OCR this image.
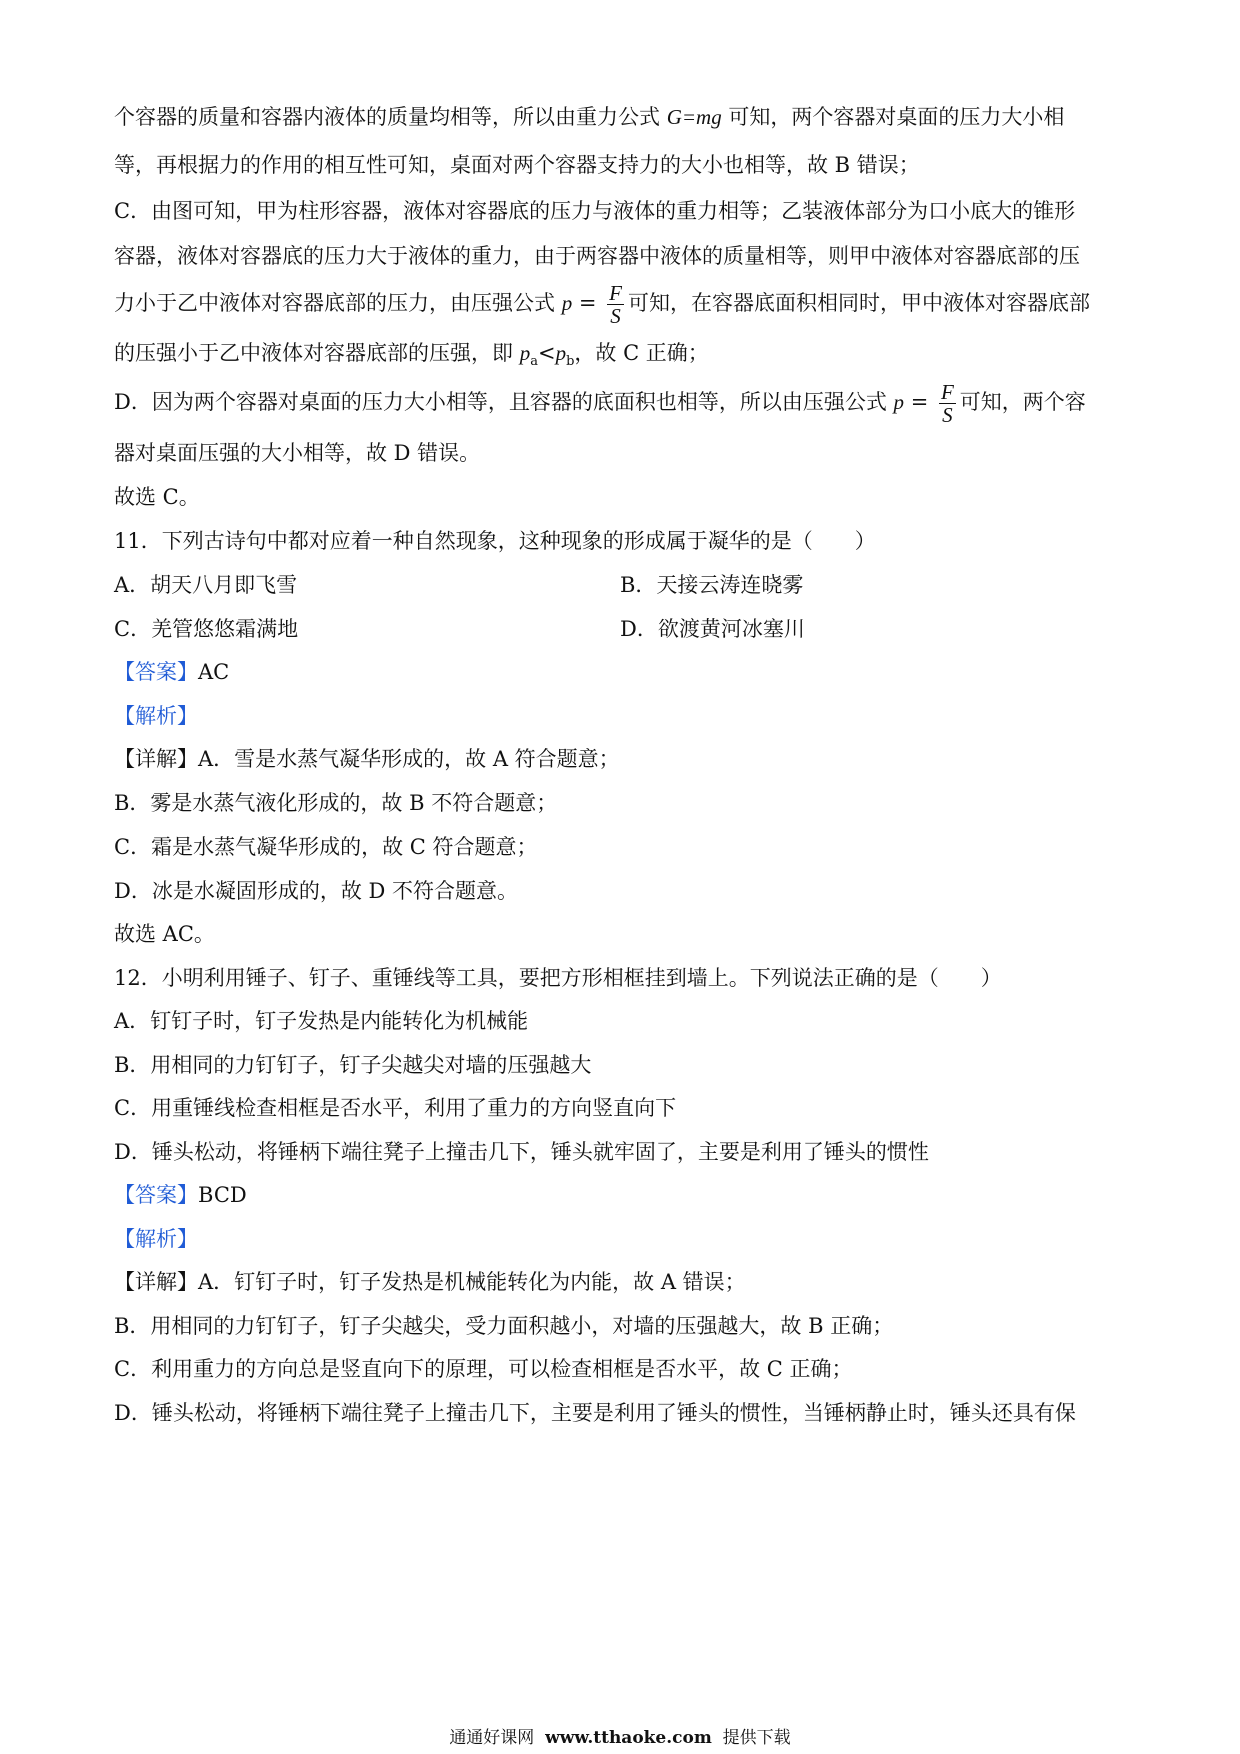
个容器的质量和容器内液体的质量均相等，所以由重力公式 G=mg 可知，两个容器对桌面的压力大小相
等，再根据力的作用的相互性可知，桌面对两个容器支持力的大小也相等，故 B 错误；
C．由图可知，甲为柱形容器，液体对容器底的压力与液体的重力相等；乙装液体部分为口小底大的锥形
容器，液体对容器底的压力大于液体的重力，由于两容器中液体的质量相等，则甲中液体对容器底部的压
力小于乙中液体对容器底部的压力，由压强公式 $p = \frac{F}{S}$ 可知，在容器底面积相同时，甲中液体对容器底部
的压强小于乙中液体对容器底部的压强，即 $p_a<p_b$，故 C 正确；
D．因为两个容器对桌面的压力大小相等，且容器的底面积也相等，所以由压强公式 $p = \frac{F}{S}$ 可知，两个容
器对桌面压强的大小相等，故 D 错误。
故选 C。
11．下列古诗句中都对应着一种自然现象，这种现象的形成属于凝华的是（　　）
A．胡天八月即飞雪	B．天接云涛连晓雾
C．羌管悠悠霜满地	D．欲渡黄河冰塞川
【答案】AC
【解析】
【详解】A．雪是水蒸气凝华形成的，故 A 符合题意；
B．雾是水蒸气液化形成的，故 B 不符合题意；
C．霜是水蒸气凝华形成的，故 C 符合题意；
D．冰是水凝固形成的，故 D 不符合题意。
故选 AC。
12．小明利用锤子、钉子、重锤线等工具，要把方形相框挂到墙上。下列说法正确的是（　　）
A．钉钉子时，钉子发热是内能转化为机械能
B．用相同的力钉钉子，钉子尖越尖对墙的压强越大
C．用重锤线检查相框是否水平，利用了重力的方向竖直向下
D．锤头松动，将锤柄下端往凳子上撞击几下，锤头就牢固了，主要是利用了锤头的惯性
【答案】BCD
【解析】
【详解】A．钉钉子时，钉子发热是机械能转化为内能，故 A 错误；
B．用相同的力钉钉子，钉子尖越尖，受力面积越小，对墙的压强越大，故 B 正确；
C．利用重力的方向总是竖直向下的原理，可以检查相框是否水平，故 C 正确；
D．锤头松动，将锤柄下端往凳子上撞击几下，主要是利用了锤头的惯性，当锤柄静止时，锤头还具有保
通通好课网 www.tthaoke.com 提供下载
